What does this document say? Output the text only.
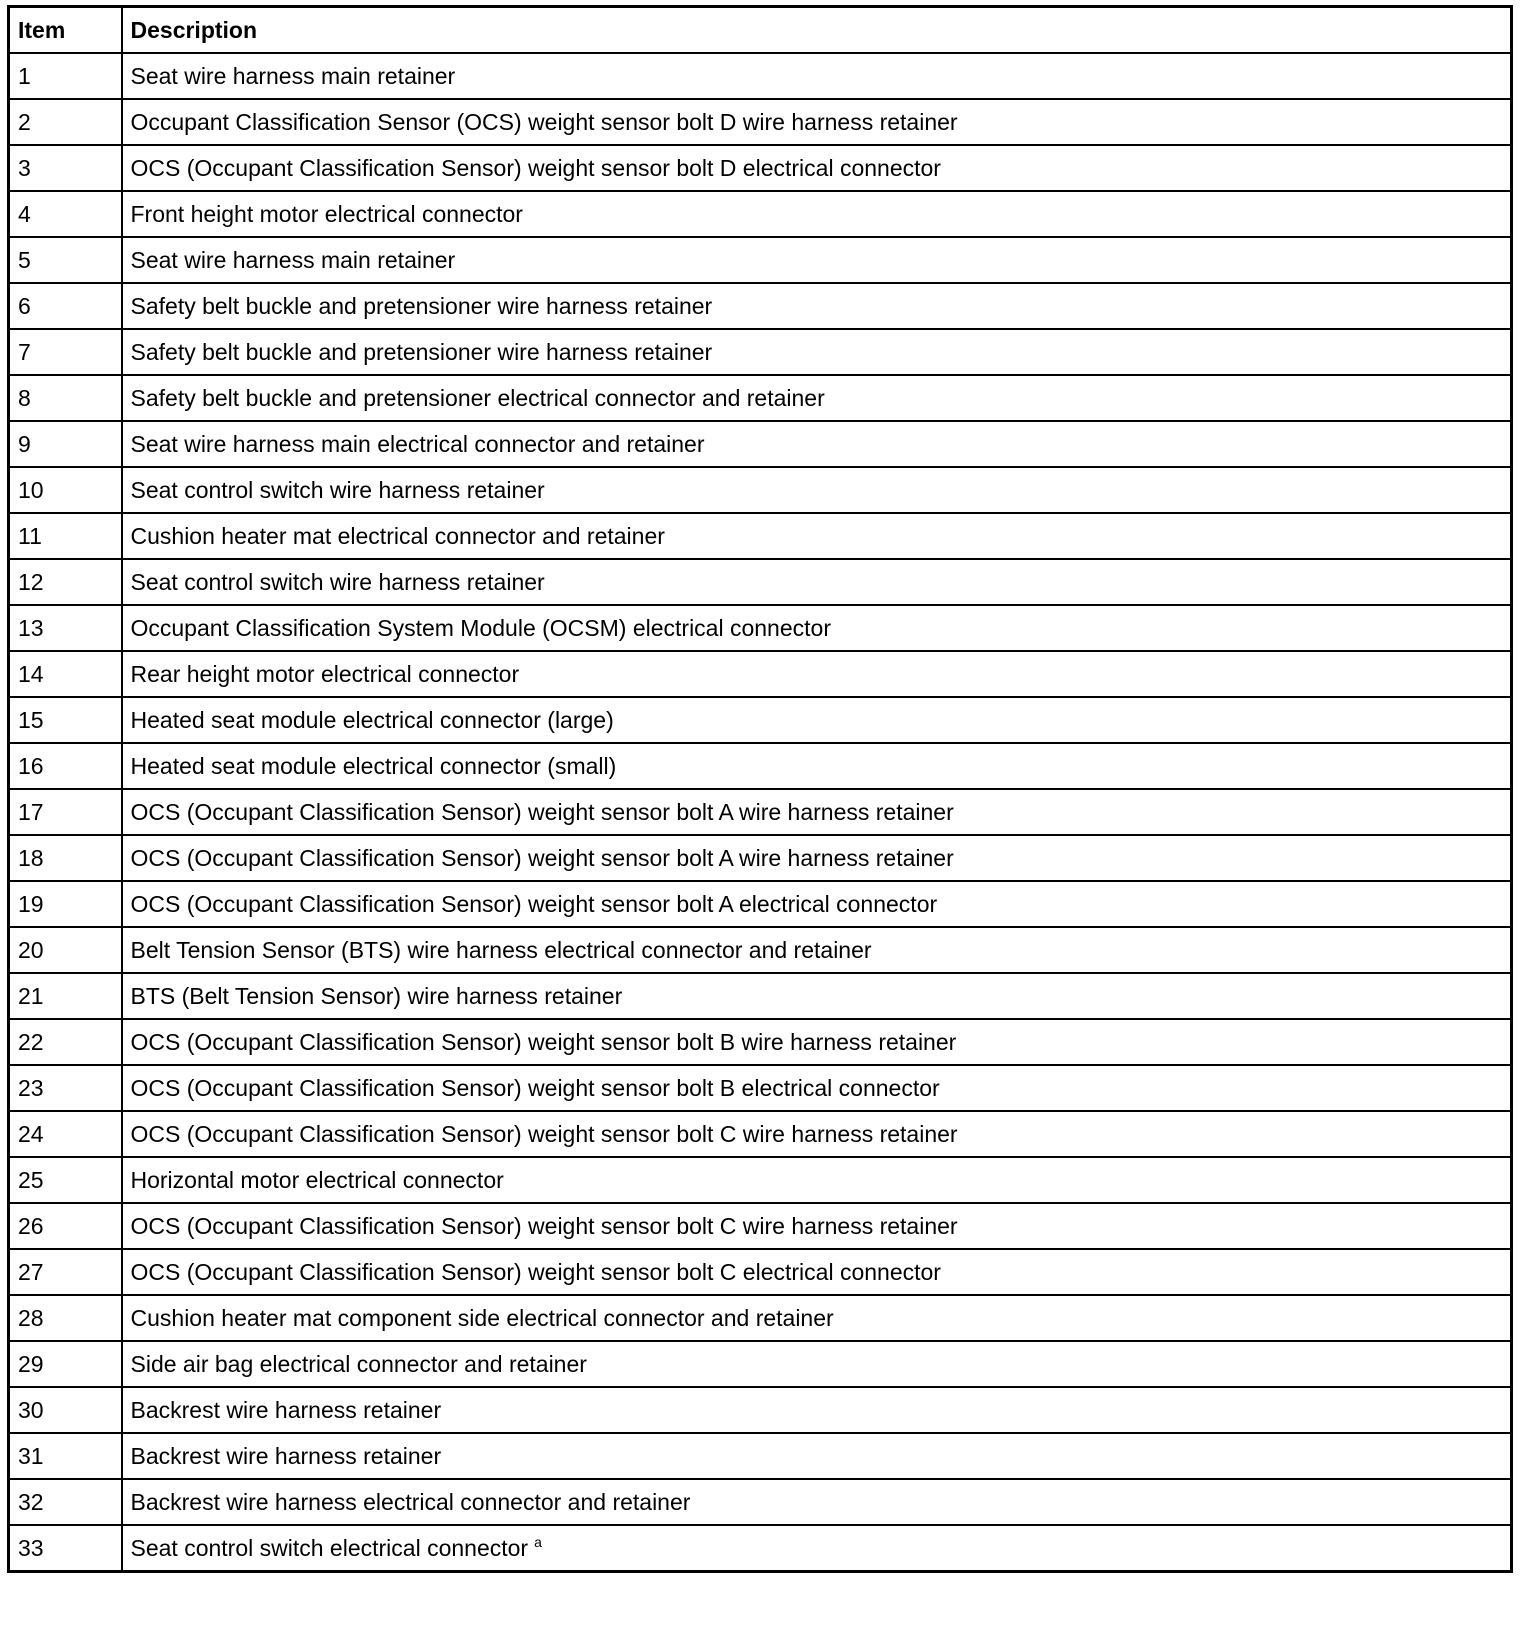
Item	Description
1	Seat wire harness main retainer
2	Occupant Classification Sensor (OCS) weight sensor bolt D wire harness retainer
3	OCS (Occupant Classification Sensor) weight sensor bolt D electrical connector
4	Front height motor electrical connector
5	Seat wire harness main retainer
6	Safety belt buckle and pretensioner wire harness retainer
7	Safety belt buckle and pretensioner wire harness retainer
8	Safety belt buckle and pretensioner electrical connector and retainer
9	Seat wire harness main electrical connector and retainer
10	Seat control switch wire harness retainer
11	Cushion heater mat electrical connector and retainer
12	Seat control switch wire harness retainer
13	Occupant Classification System Module (OCSM) electrical connector
14	Rear height motor electrical connector
15	Heated seat module electrical connector (large)
16	Heated seat module electrical connector (small)
17	OCS (Occupant Classification Sensor) weight sensor bolt A wire harness retainer
18	OCS (Occupant Classification Sensor) weight sensor bolt A wire harness retainer
19	OCS (Occupant Classification Sensor) weight sensor bolt A electrical connector
20	Belt Tension Sensor (BTS) wire harness electrical connector and retainer
21	BTS (Belt Tension Sensor) wire harness retainer
22	OCS (Occupant Classification Sensor) weight sensor bolt B wire harness retainer
23	OCS (Occupant Classification Sensor) weight sensor bolt B electrical connector
24	OCS (Occupant Classification Sensor) weight sensor bolt C wire harness retainer
25	Horizontal motor electrical connector
26	OCS (Occupant Classification Sensor) weight sensor bolt C wire harness retainer
27	OCS (Occupant Classification Sensor) weight sensor bolt C electrical connector
28	Cushion heater mat component side electrical connector and retainer
29	Side air bag electrical connector and retainer
30	Backrest wire harness retainer
31	Backrest wire harness retainer
32	Backrest wire harness electrical connector and retainer
33	Seat control switch electrical connector $^a$
